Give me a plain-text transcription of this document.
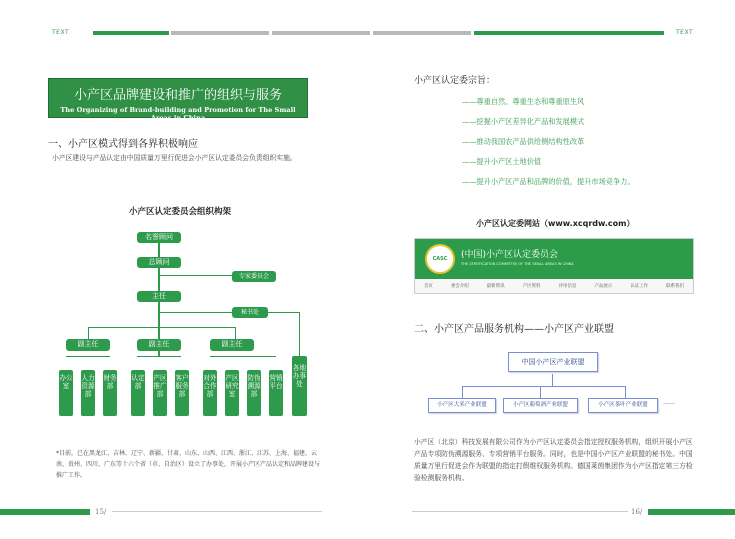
TEXT	TEXT
小产区品牌建设和推广的组织与服务
The Organizing of Brand-building and Promotion for The Small Areas in China
一、小产区模式得到各界积极响应
小产区建设与产品认定由中国质量万里行促进会小产区认定委员会负责组织实施。
小产区认定委员会组织构架
名誉顾问
总顾问
专家委员会
主任
秘书处
副主任	副主任	副主任
办公室
人力资源部
财务部
认定部
产区推广部
客户服务部
对外合作部
产区研究室
防伪溯源部
营销平台
各地办事处
*目前，已在黑龙江、吉林、辽宁、新疆、甘肃、山东、山西、江西、浙江、江苏、上海、福建、云南、贵州、四川、广东等十六个省（市、自治区）设立了办事处，开展小产区产品认定和品牌建设与推广工作。
小产区认定委宗旨：
——尊重自然、尊重生态和尊重原生风
——挖掘小产区差异化产品和发展模式
——推动我国农产品供给侧结构性改革
——提升小产区土地价值
——提升小产区产品和品牌的价值，提升市场竞争力。
小产区认定委网站（www.xcqrdw.com）
CASC	(中国)小产区认定委员会
THE CERTIFICATION COMMITTEE OF THE SMALL AREAS IN CHINA
首页	委会介绍	最新资讯	产区资料	评审信息	产品展示	认证工作	联系我们
二、小产区产品服务机构——小产区产业联盟
中国小产区产业联盟
小产区大米产业联盟	小产区葡萄酒产业联盟	小产区茶叶产业联盟	……
小产区（北京）科技发展有限公司作为小产区认定委员会指定授权服务机构，组织开展小产区产品专项防伪溯源服务、专项营销平台服务。同时，也是中国小产区产业联盟的秘书处。中国质量万里行促进会作为联盟的指定打假维权服务机构。德国莱茵集团作为小产区指定第三方检验检测服务机构。
15/	16/
